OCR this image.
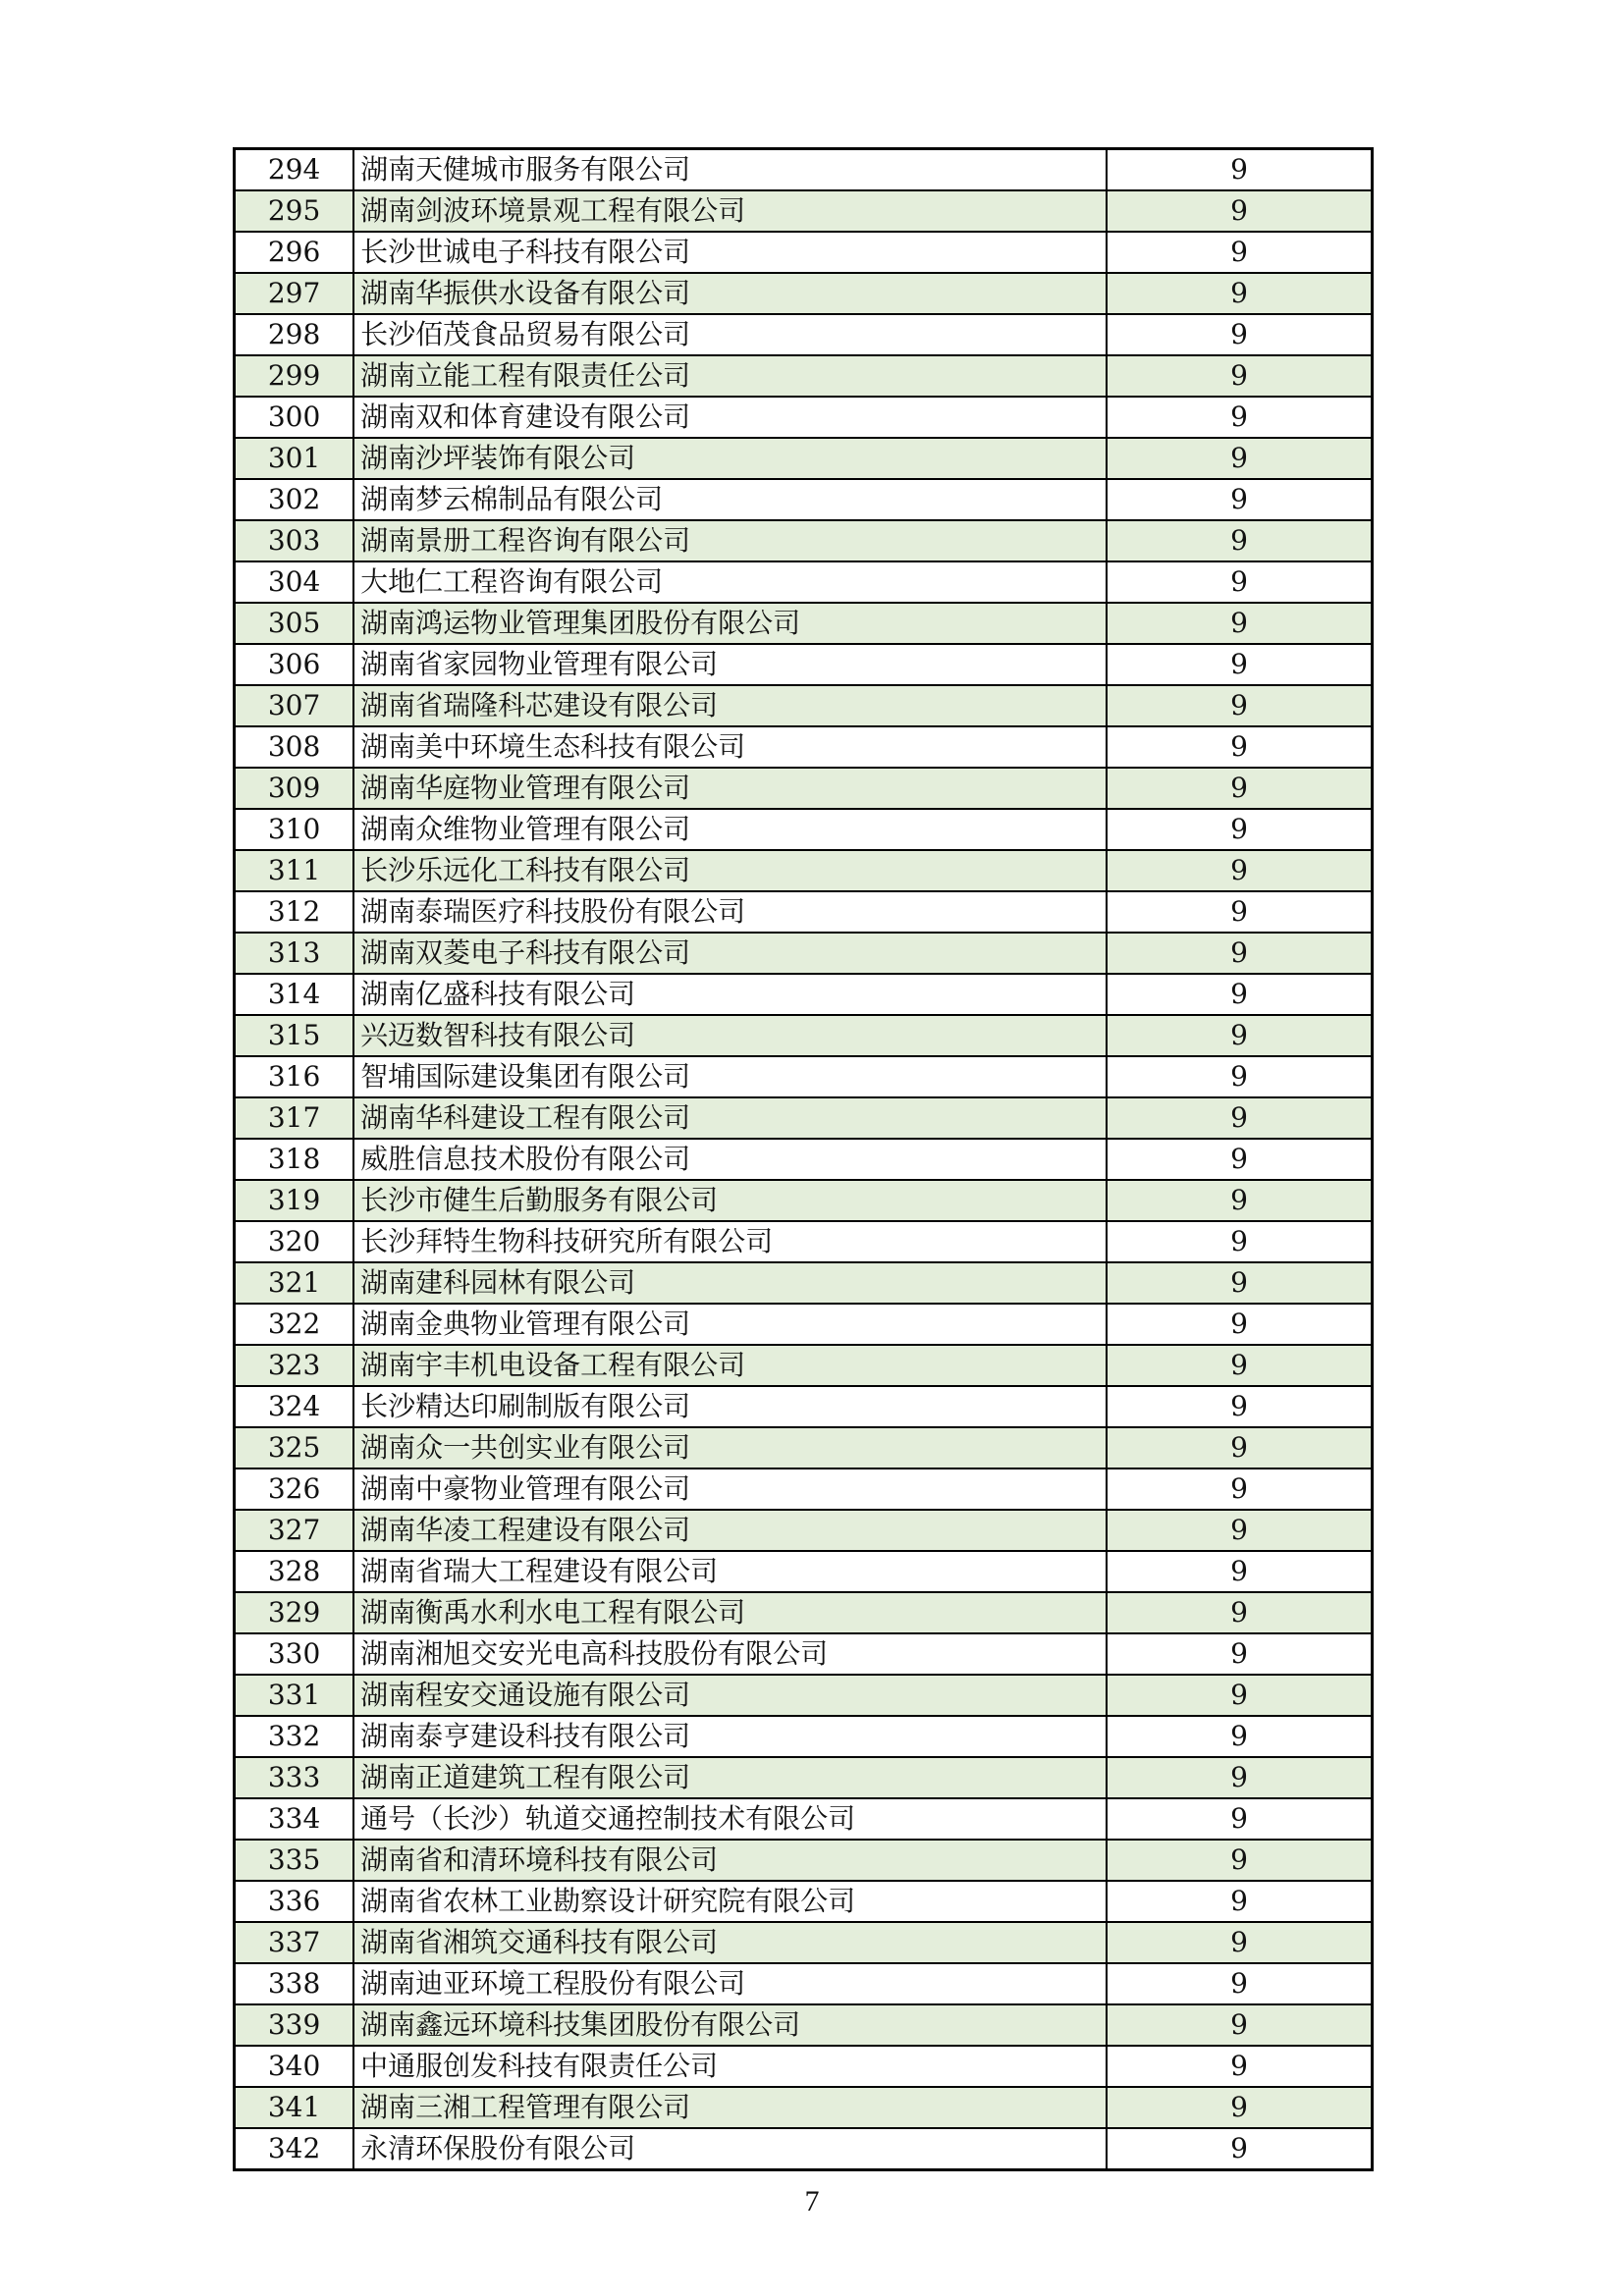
294	湖南天健城市服务有限公司	9
295	湖南剑波环境景观工程有限公司	9
296	长沙世诚电子科技有限公司	9
297	湖南华振供水设备有限公司	9
298	长沙佰茂食品贸易有限公司	9
299	湖南立能工程有限责任公司	9
300	湖南双和体育建设有限公司	9
301	湖南沙坪装饰有限公司	9
302	湖南梦云棉制品有限公司	9
303	湖南景册工程咨询有限公司	9
304	大地仁工程咨询有限公司	9
305	湖南鸿运物业管理集团股份有限公司	9
306	湖南省家园物业管理有限公司	9
307	湖南省瑞隆科芯建设有限公司	9
308	湖南美中环境生态科技有限公司	9
309	湖南华庭物业管理有限公司	9
310	湖南众维物业管理有限公司	9
311	长沙乐远化工科技有限公司	9
312	湖南泰瑞医疗科技股份有限公司	9
313	湖南双菱电子科技有限公司	9
314	湖南亿盛科技有限公司	9
315	兴迈数智科技有限公司	9
316	智埔国际建设集团有限公司	9
317	湖南华科建设工程有限公司	9
318	威胜信息技术股份有限公司	9
319	长沙市健生后勤服务有限公司	9
320	长沙拜特生物科技研究所有限公司	9
321	湖南建科园林有限公司	9
322	湖南金典物业管理有限公司	9
323	湖南宇丰机电设备工程有限公司	9
324	长沙精达印刷制版有限公司	9
325	湖南众一共创实业有限公司	9
326	湖南中豪物业管理有限公司	9
327	湖南华凌工程建设有限公司	9
328	湖南省瑞大工程建设有限公司	9
329	湖南衡禹水利水电工程有限公司	9
330	湖南湘旭交安光电高科技股份有限公司	9
331	湖南程安交通设施有限公司	9
332	湖南泰亨建设科技有限公司	9
333	湖南正道建筑工程有限公司	9
334	通号（长沙）轨道交通控制技术有限公司	9
335	湖南省和清环境科技有限公司	9
336	湖南省农林工业勘察设计研究院有限公司	9
337	湖南省湘筑交通科技有限公司	9
338	湖南迪亚环境工程股份有限公司	9
339	湖南鑫远环境科技集团股份有限公司	9
340	中通服创发科技有限责任公司	9
341	湖南三湘工程管理有限公司	9
342	永清环保股份有限公司	9
7
